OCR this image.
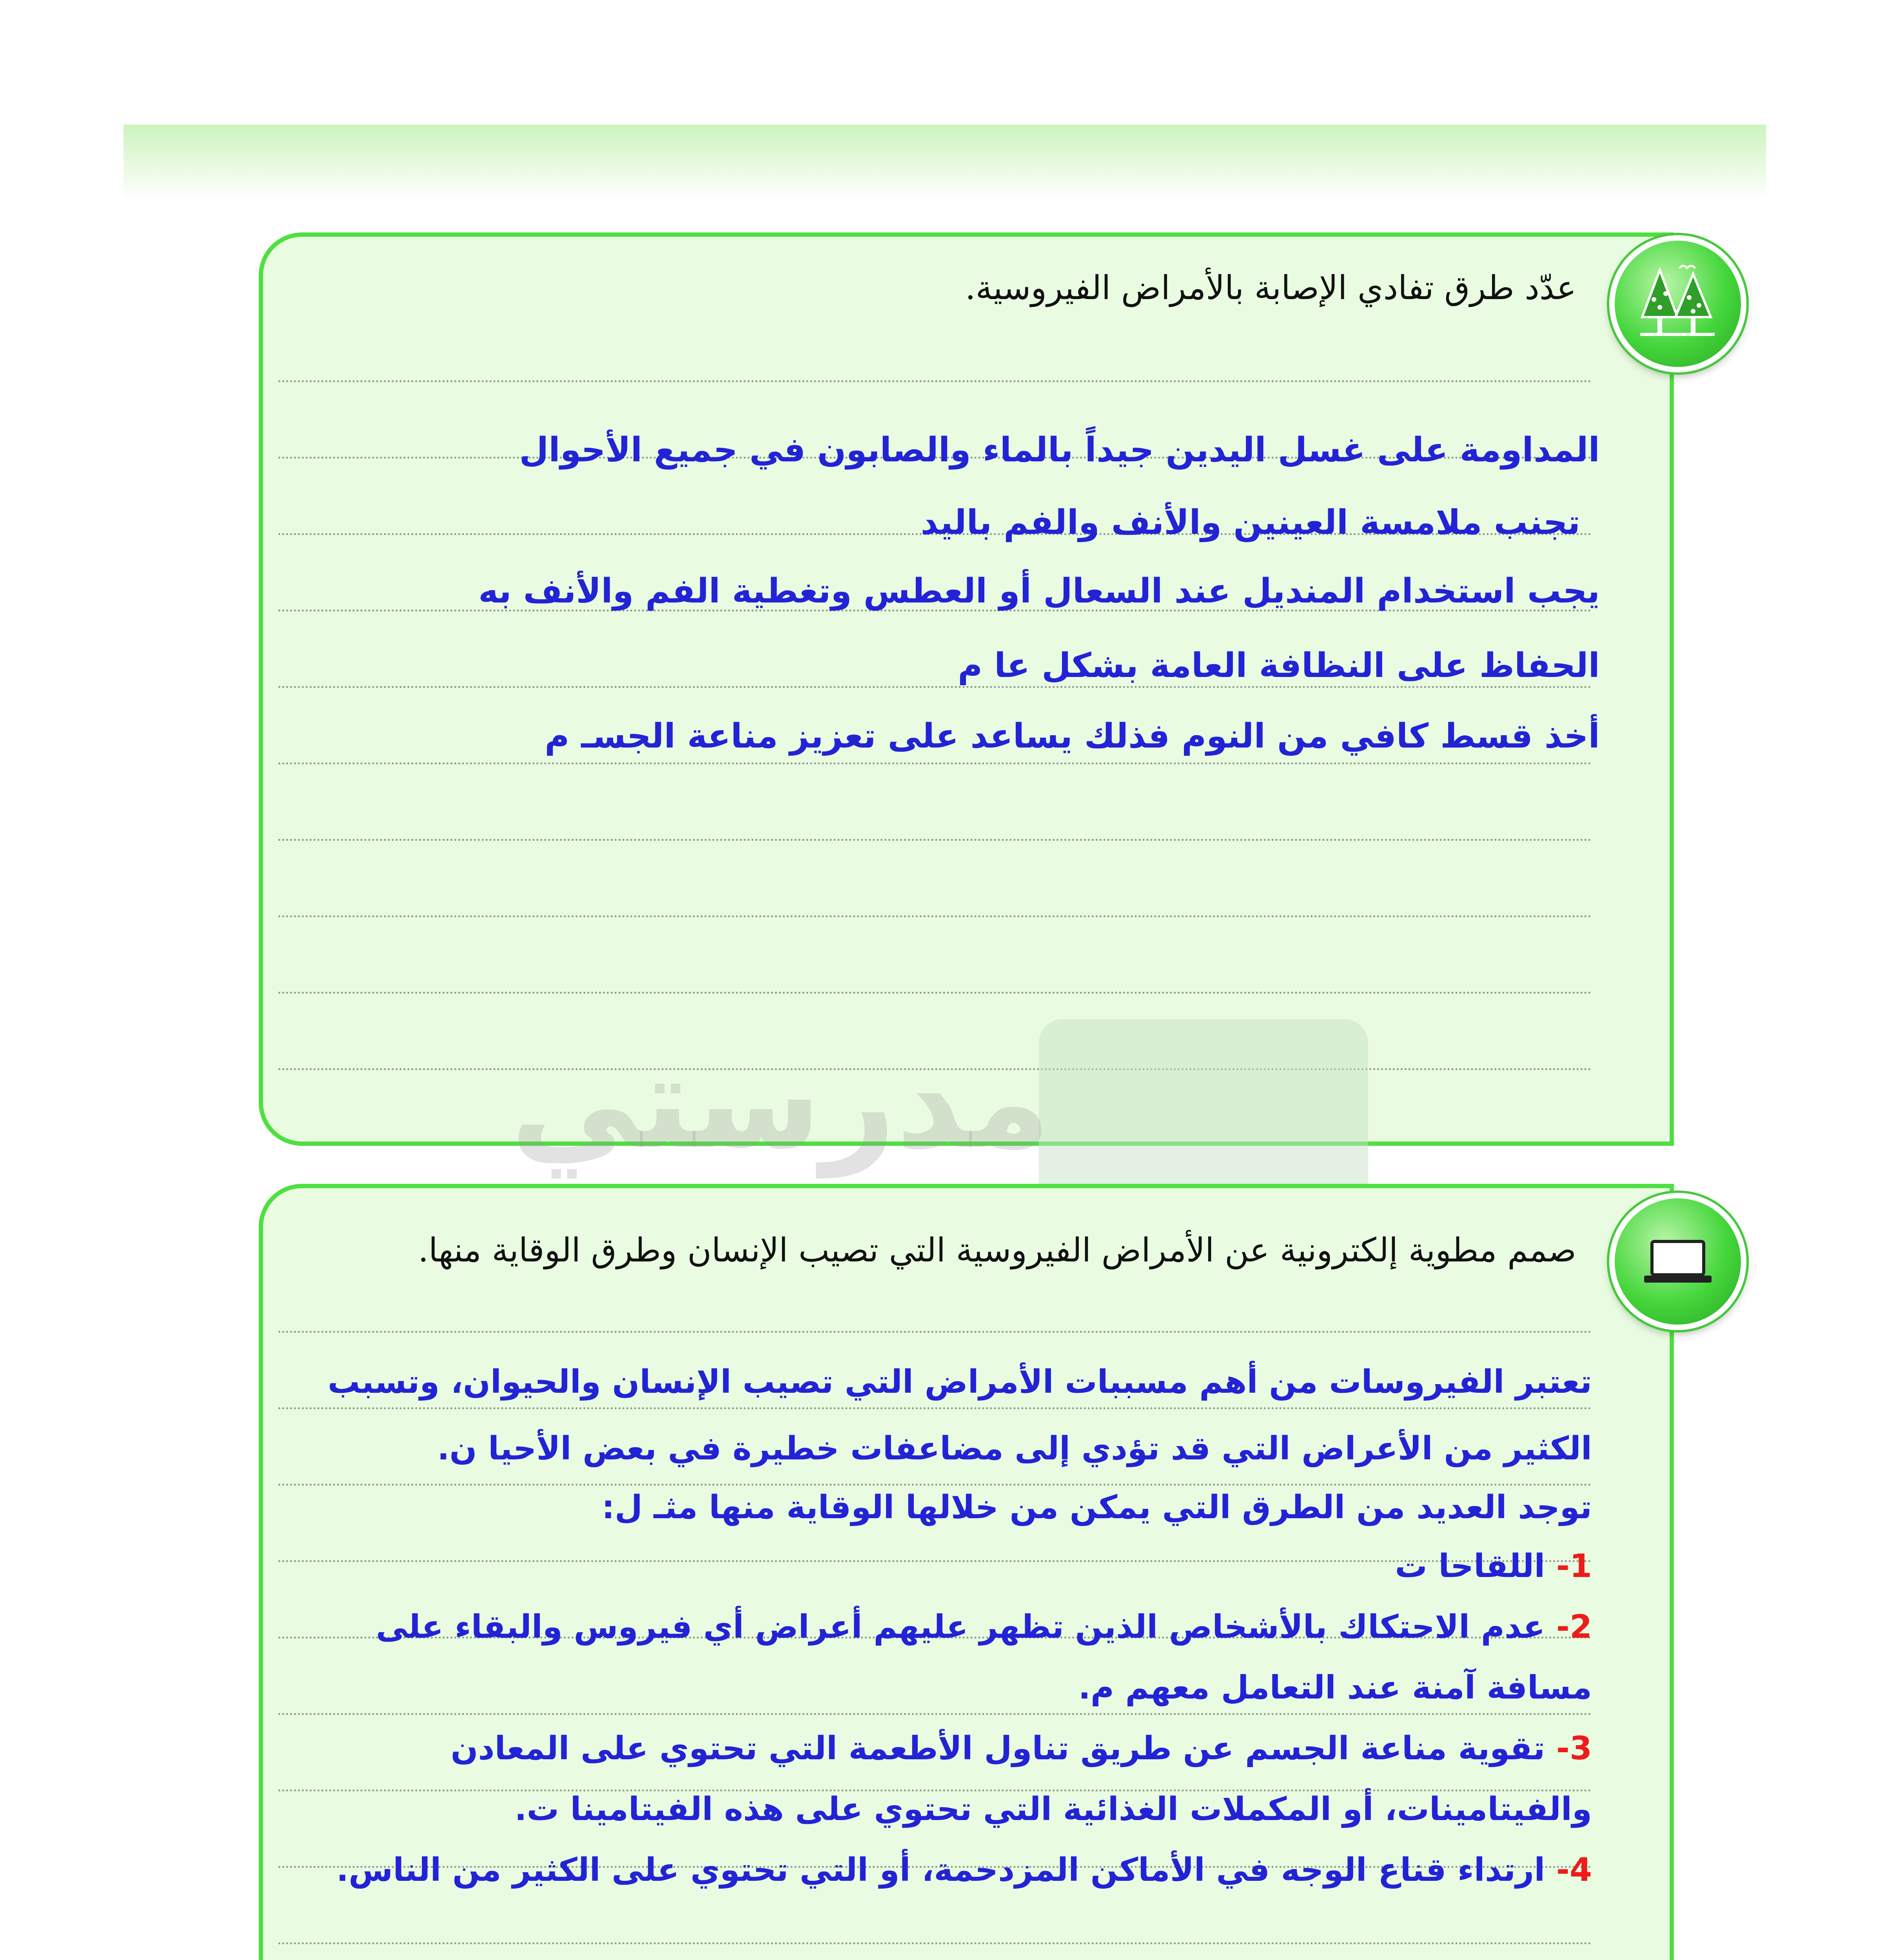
عدّد طرق تفادي الإصابة بالأمراض الفيروسية.
المداومة على غسل اليدين جيداً بالماء والصابون في جميع الأحوال
تجنب ملامسة العينين والأنف والفم باليد
يجب استخدام المنديل عند السعال أو العطس وتغطية الفم والأنف به
الحفاظ على النظافة العامة بشكل عا م
أخذ قسط كافي من النوم فذلك يساعد على تعزيز مناعة الجسـ م
مدرستي
صمم مطوية إلكترونية عن الأمراض الفيروسية التي تصيب الإنسان وطرق الوقاية منها.
تعتبر الفيروسات من أهم مسببات الأمراض التي تصيب الإنسان والحيوان، وتسبب
الكثير من الأعراض التي قد تؤدي إلى مضاعفات خطيرة في بعض الأحيا ن.
توجد العديد من الطرق التي يمكن من خلالها الوقاية منها مثـ ل:
1- اللقاحا ت
2- عدم الاحتكاك بالأشخاص الذين تظهر عليهم أعراض أي فيروس والبقاء على
مسافة آمنة عند التعامل معهم م.
3- تقوية مناعة الجسم عن طريق تناول الأطعمة التي تحتوي على المعادن
والفيتامينات، أو المكملات الغذائية التي تحتوي على هذه الفيتامينا ت.
4- ارتداء قناع الوجه في الأماكن المزدحمة، أو التي تحتوي على الكثير من الناس.
